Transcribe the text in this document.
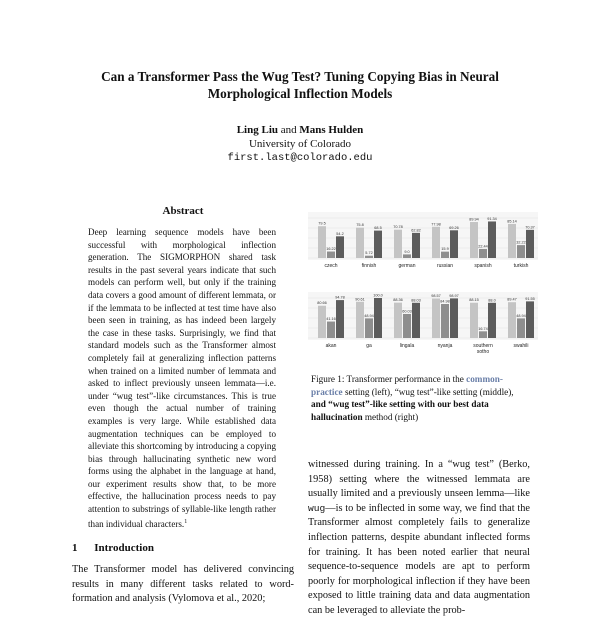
Can a Transformer Pass the Wug Test? Tuning Copying Bias in Neural
Morphological Inflection Models
Ling Liu and Mans Hulden
University of Colorado
first.last@colorado.edu
Abstract
Deep learning sequence models have been successful with morphological inflection generation. The SIGMORPHON shared task results in the past several years indicate that such models can perform well, but only if the training data covers a good amount of different lemmata, or if the lemmata to be inflected at test time have also been seen in training, as has indeed been largely the case in these tasks. Surprisingly, we find that standard models such as the Transformer almost completely fail at generalizing inflection patterns when trained on a limited number of lemmata and asked to inflect previously unseen lemmata—i.e. under “wug test”-like circumstances. This is true even though the actual number of training examples is very large. While established data augmentation techniques can be employed to alleviate this shortcoming by introducing a copying bias through hallucinating synthetic new word forms using the alphabet in the language at hand, our experiment results show that, to be more effective, the hallucination process needs to pay attention to substrings of syllable-like length rather than individual characters.$^1$
1 Introduction
The Transformer model has delivered convincing results in many different tasks related to word-formation and analysis (Vylomova et al., 2020;
79.5
16.22
54.2
czech
75.8
5.72
68.5
finnish
70.78
9.0
62.82
german
77.98
15.9
69.26
russian
89.94
22.44
91.34
spanish
85.14
32.22
70.37
turkish
80.66
41.16
94.78
akan
90.61
48.94
100.0
ga
88.36
60.03
88.03
lingala
98.57
84.98
98.97
nyanja
88.15
16.74
88.0
southern
sotho
89.47
48.94
91.55
swahili
Figure 1: Transformer performance in the common-practice setting (left), “wug test”-like setting (middle), and “wug test”-like setting with our best data hallucination method (right)
witnessed during training. In a “wug test” (Berko, 1958) setting where the witnessed lemmata are usually limited and a previously unseen lemma—like wug—is to be inflected in some way, we find that the Transformer almost completely fails to generalize inflection patterns, despite abundant inflected forms for training. It has been noted earlier that neural sequence-to-sequence models are apt to perform poorly for morphological inflection if they have been exposed to little training data and data augmentation can be leveraged to alleviate the prob-
